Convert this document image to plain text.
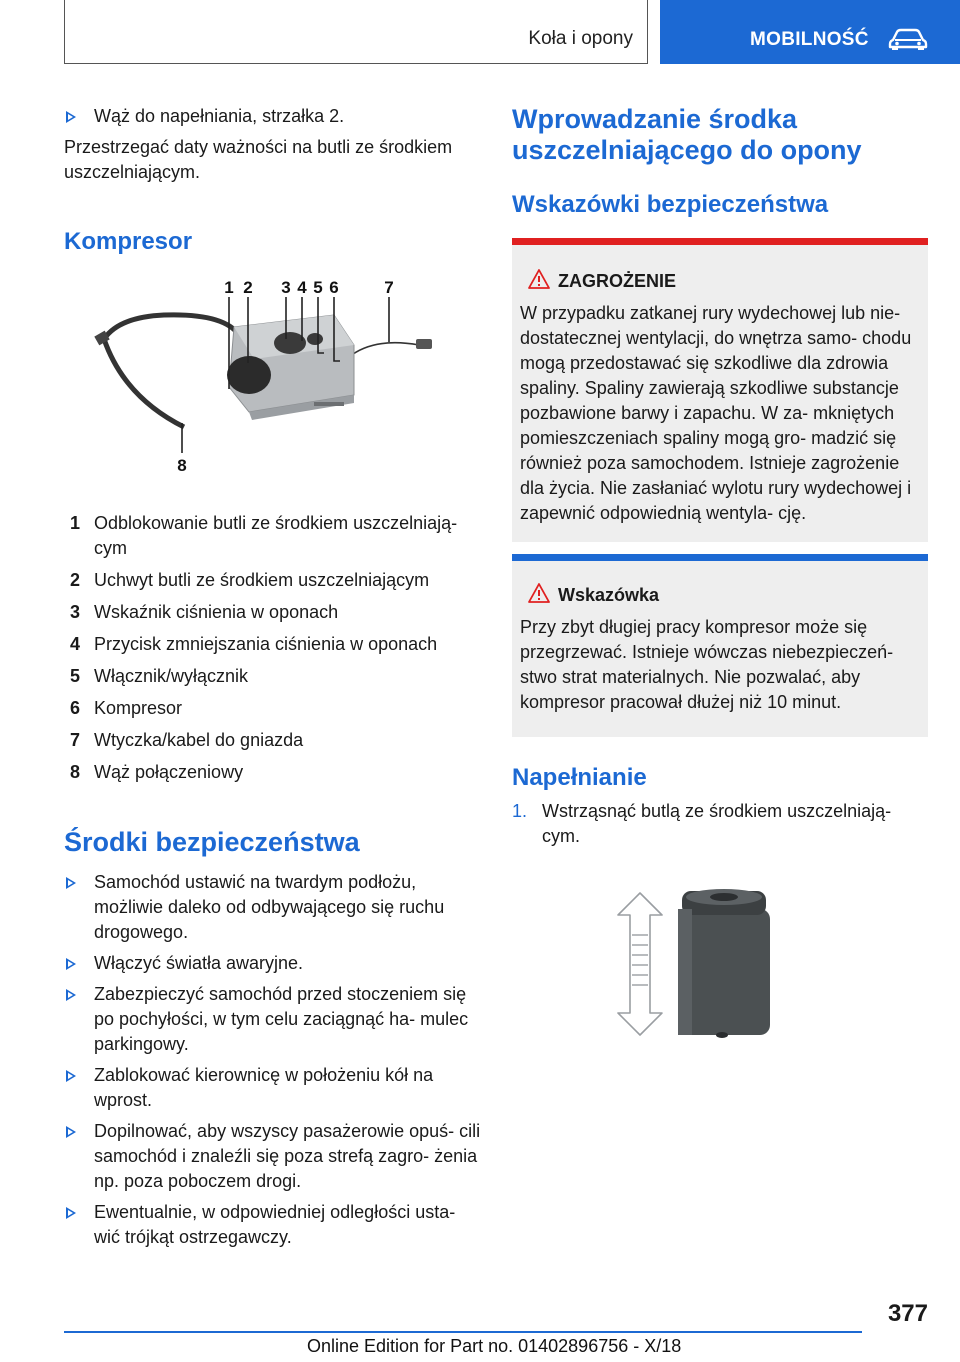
Koła i opony	MOBILNOŚĆ
Wąż do napełniania, strzałka 2.

Przestrzegać daty ważności na butli ze środkiem uszczelniającym.

Kompresor
1 2 3 4 5 6	7
8
1 Odblokowanie butli ze środkiem uszczelniają‐ cym
2 Uchwyt butli ze środkiem uszczelniającym
3 Wskaźnik ciśnienia w oponach
4 Przycisk zmniejszania ciśnienia w oponach
5 Włącznik/wyłącznik
6 Kompresor
7 Wtyczka/kabel do gniazda
8 Wąż połączeniowy
Środki bezpieczeństwa
Samochód ustawić na twardym podłożu, możliwie daleko od odbywającego się ruchu drogowego.
Włączyć światła awaryjne.
Zabezpieczyć samochód przed stoczeniem się po pochyłości, w tym celu zaciągnąć ha‐ mulec parkingowy.
Zablokować kierownicę w położeniu kół na wprost.
Dopilnować, aby wszyscy pasażerowie opuś‐ cili samochód i znaleźli się poza strefą zagro‐ żenia np. poza poboczem drogi.
Ewentualnie, w odpowiedniej odległości usta‐ wić trójkąt ostrzegawczy.
Wprowadzanie środka uszczelniającego do opony
Wskazówki bezpieczeństwa
ZAGROŻENIE
W przypadku zatkanej rury wydechowej lub nie‐ dostatecznej wentylacji, do wnętrza samo‐ chodu mogą przedostawać się szkodliwe dla zdrowia spaliny. Spaliny zawierają szkodliwe substancje pozbawione barwy i zapachu. W za‐ mkniętych pomieszczeniach spaliny mogą gro‐ madzić się również poza samochodem. Istnieje zagrożenie dla życia. Nie zasłaniać wylotu rury wydechowej i zapewnić odpowiednią wentyla‐ cję.
Wskazówka
Przy zbyt długiej pracy kompresor może się przegrzewać. Istnieje wówczas niebezpieczeń‐ stwo strat materialnych. Nie pozwalać, aby kompresor pracował dłużej niż 10 minut.
Napełnianie
1. Wstrząsnąć butlą ze środkiem uszczelniają‐ cym.
377
Online Edition for Part no. 01402896756 - X/18
